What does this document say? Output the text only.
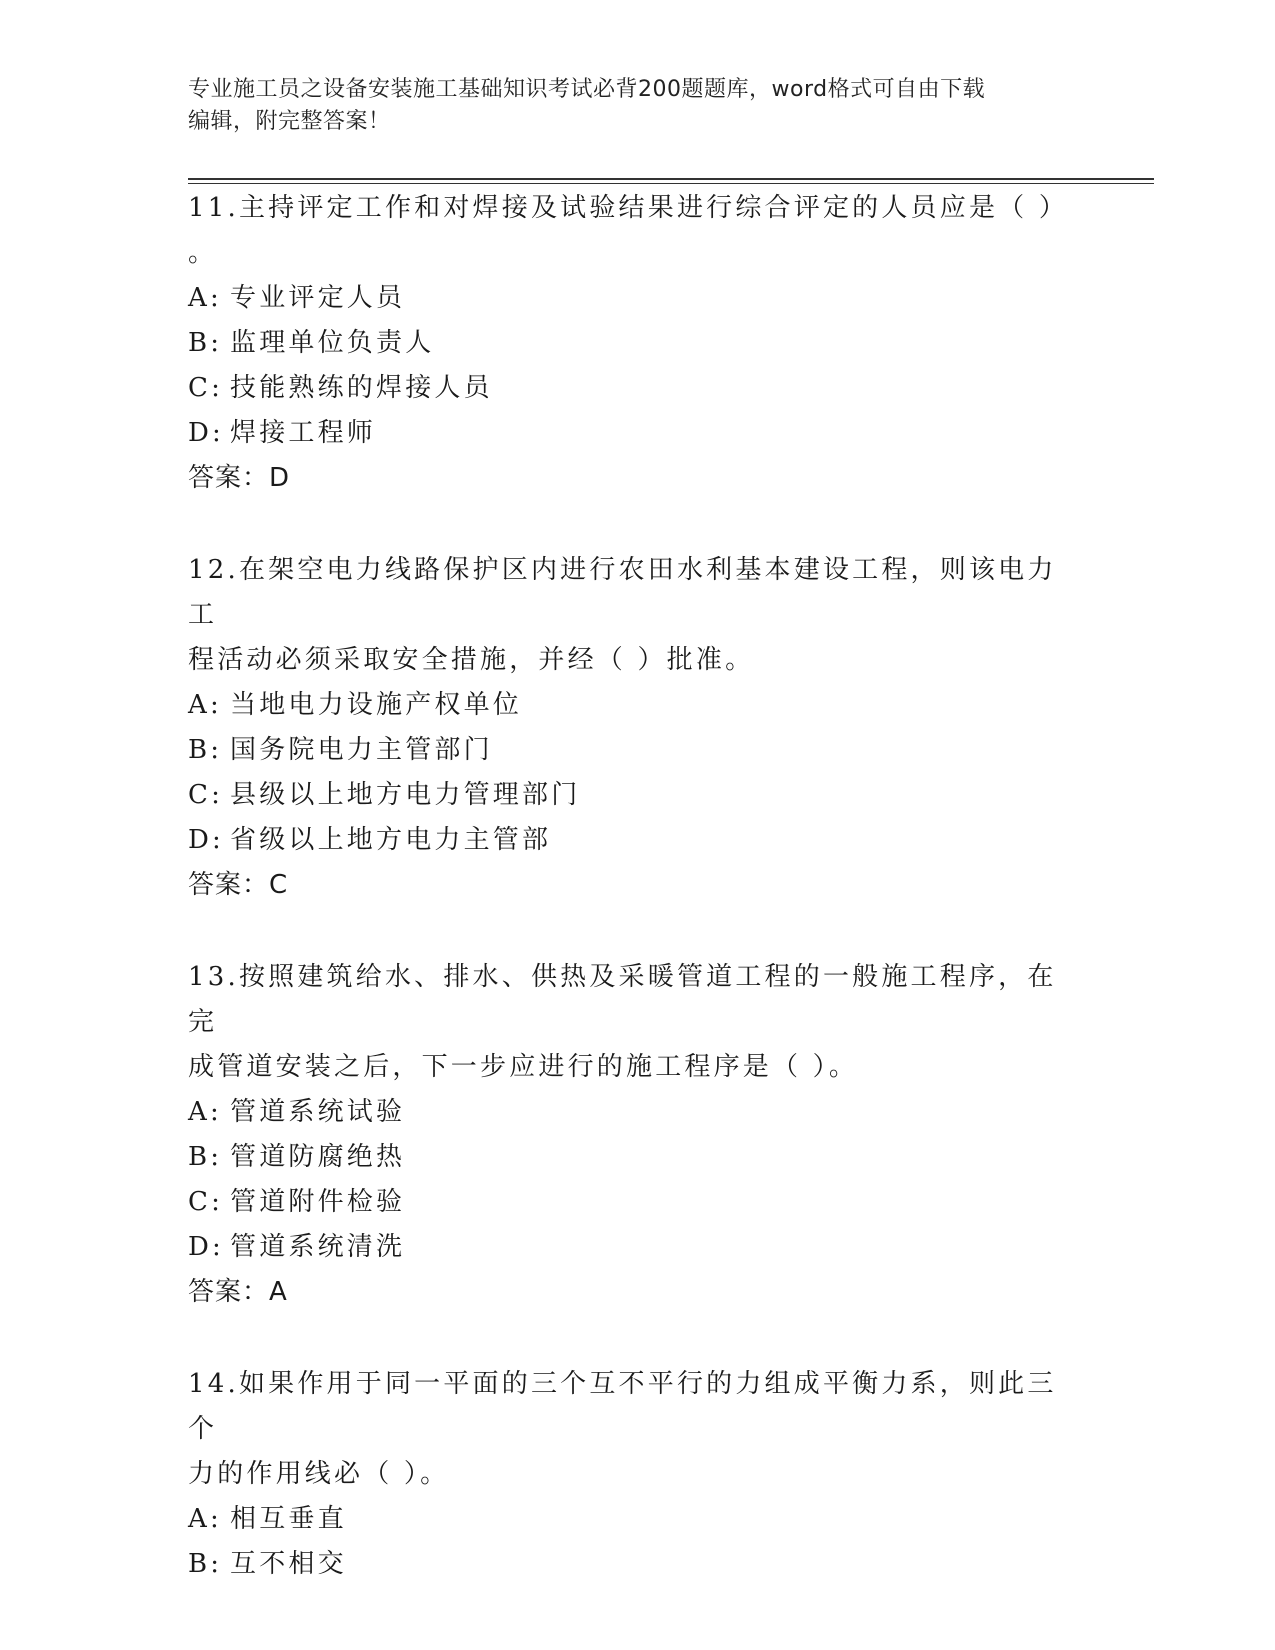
专业施工员之设备安装施工基础知识考试必背200题题库，word格式可自由下载
编辑，附完整答案！
11.主持评定工作和对焊接及试验结果进行综合评定的人员应是（ ）
。
A: 专业评定人员
B: 监理单位负责人
C: 技能熟练的焊接人员
D: 焊接工程师
答案：D
12.在架空电力线路保护区内进行农田水利基本建设工程，则该电力工
程活动必须采取安全措施，并经（ ）批准。
A: 当地电力设施产权单位
B: 国务院电力主管部门
C: 县级以上地方电力管理部门
D: 省级以上地方电力主管部
答案：C
13.按照建筑给水、排水、供热及采暖管道工程的一般施工程序，在完
成管道安装之后，下一步应进行的施工程序是（ ）。
A: 管道系统试验
B: 管道防腐绝热
C: 管道附件检验
D: 管道系统清洗
答案：A
14.如果作用于同一平面的三个互不平行的力组成平衡力系，则此三个
力的作用线必（ ）。
A: 相互垂直
B: 互不相交
